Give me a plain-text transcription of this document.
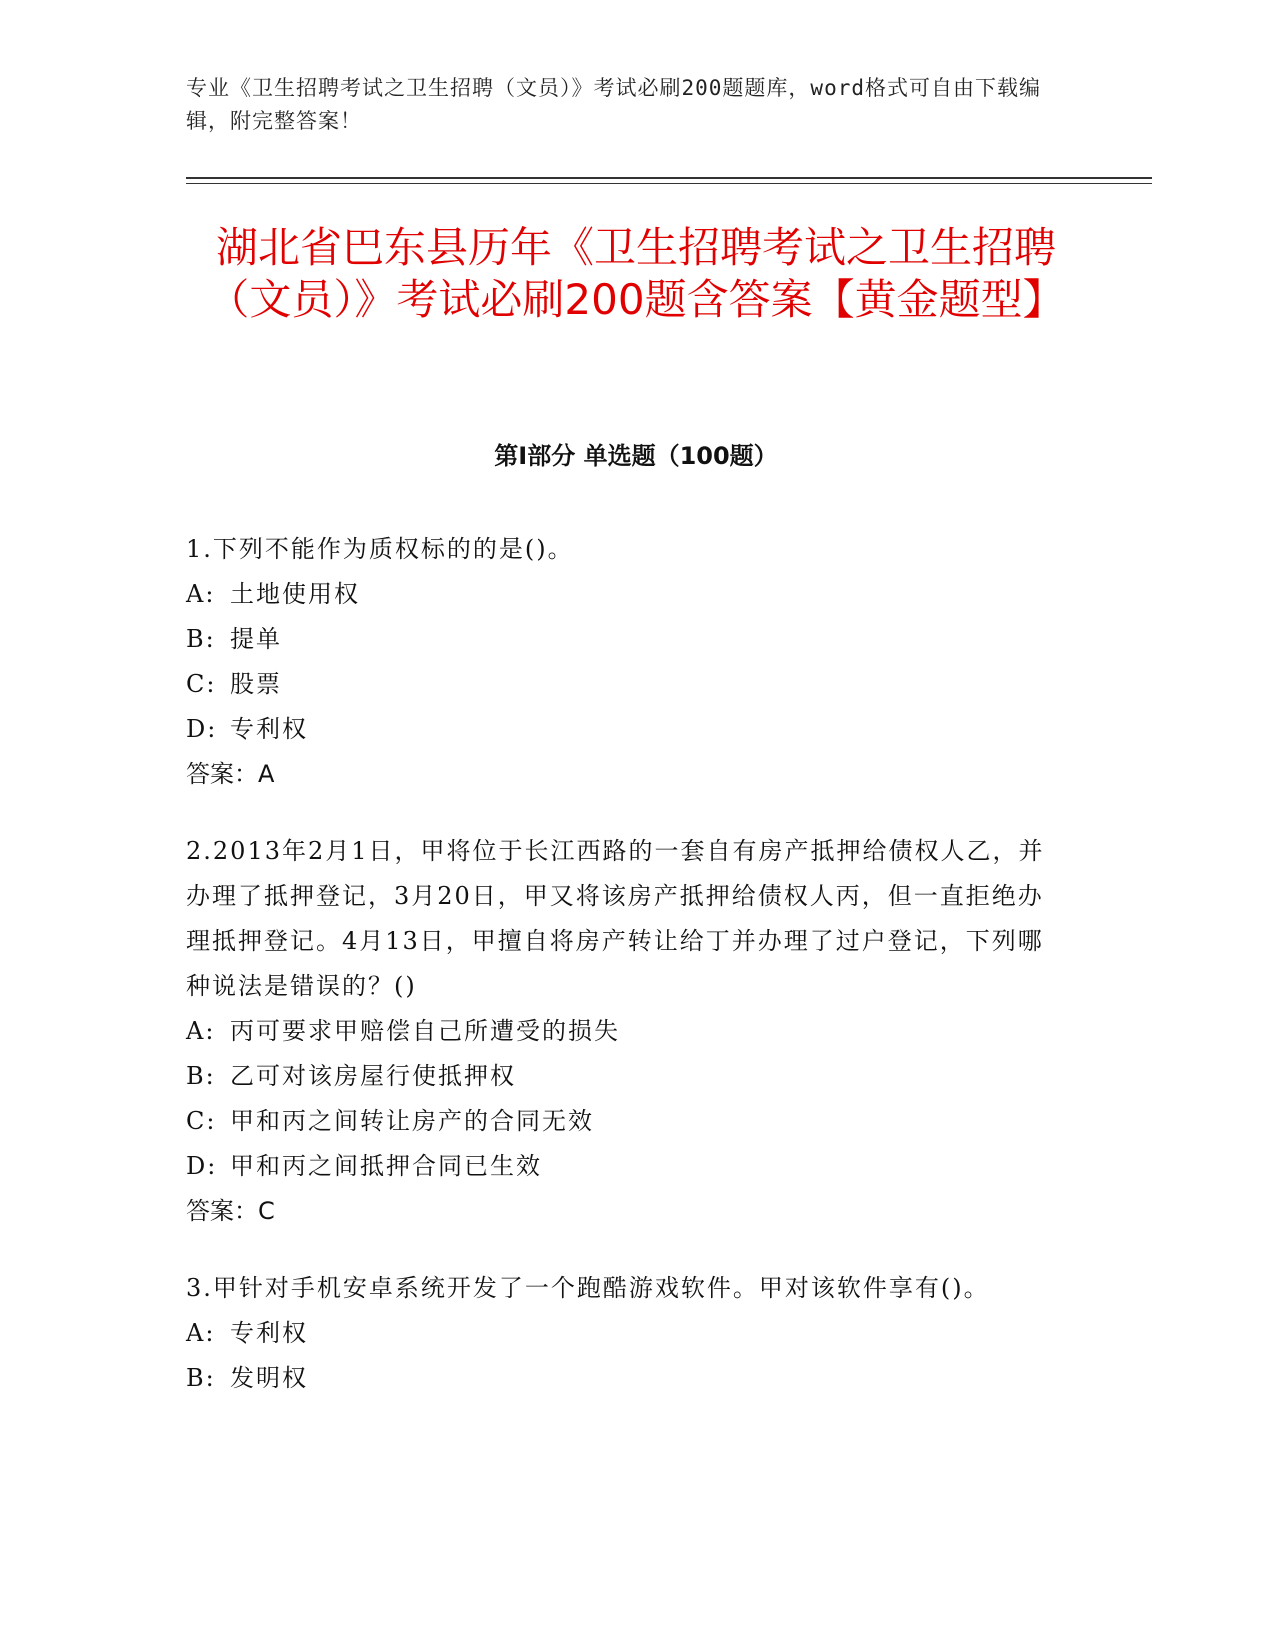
专业《卫生招聘考试之卫生招聘（文员）》考试必刷200题题库，word格式可自由下载编辑，附完整答案！
湖北省巴东县历年《卫生招聘考试之卫生招聘（文员）》考试必刷200题含答案【黄金题型】
第Ⅰ部分 单选题（100题）
1.下列不能作为质权标的的是()。
A: 土地使用权
B: 提单
C: 股票
D: 专利权
答案：A
2.2013年2月1日，甲将位于长江西路的一套自有房产抵押给债权人乙，并办理了抵押登记，3月20日，甲又将该房产抵押给债权人丙，但一直拒绝办理抵押登记。4月13日，甲擅自将房产转让给丁并办理了过户登记，下列哪种说法是错误的？()
A: 丙可要求甲赔偿自己所遭受的损失
B: 乙可对该房屋行使抵押权
C: 甲和丙之间转让房产的合同无效
D: 甲和丙之间抵押合同已生效
答案：C
3.甲针对手机安卓系统开发了一个跑酷游戏软件。甲对该软件享有()。
A: 专利权
B: 发明权
